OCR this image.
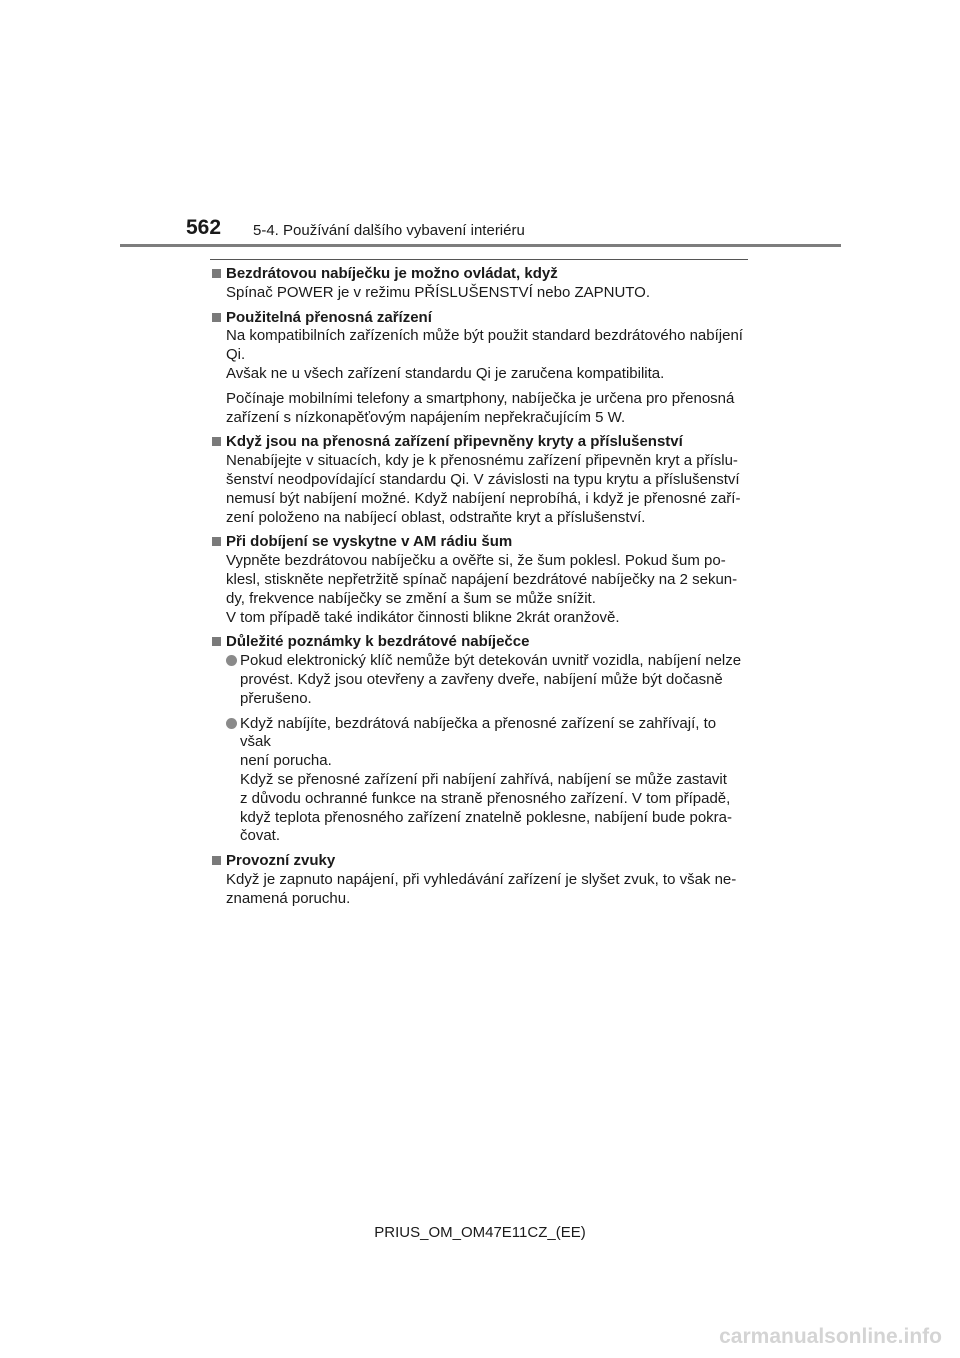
562 5-4. Používání dalšího vybavení interiéru
Bezdrátovou nabíječku je možno ovládat, když
Spínač POWER je v režimu PŘÍSLUŠENSTVÍ nebo ZAPNUTO.
Použitelná přenosná zařízení
Na kompatibilních zařízeních může být použit standard bezdrátového nabíjení
Qi.
Avšak ne u všech zařízení standardu Qi je zaručena kompatibilita.
Počínaje mobilními telefony a smartphony, nabíječka je určena pro přenosná
zařízení s nízkonapěťovým napájením nepřekračujícím 5 W.
Když jsou na přenosná zařízení připevněny kryty a příslušenství
Nenabíjejte v situacích, kdy je k přenosnému zařízení připevněn kryt a příslu-
šenství neodpovídající standardu Qi. V závislosti na typu krytu a příslušenství
nemusí být nabíjení možné. Když nabíjení neprobíhá, i když je přenosné zaří-
zení položeno na nabíjecí oblast, odstraňte kryt a příslušenství.
Při dobíjení se vyskytne v AM rádiu šum
Vypněte bezdrátovou nabíječku a ověřte si, že šum poklesl. Pokud šum po-
klesl, stiskněte nepřetržitě spínač napájení bezdrátové nabíječky na 2 sekun-
dy, frekvence nabíječky se změní a šum se může snížit.
V tom případě také indikátor činnosti blikne 2krát oranžově.
Důležité poznámky k bezdrátové nabíječce
Pokud elektronický klíč nemůže být detekován uvnitř vozidla, nabíjení nelze
provést. Když jsou otevřeny a zavřeny dveře, nabíjení může být dočasně
přerušeno.
Když nabíjíte, bezdrátová nabíječka a přenosné zařízení se zahřívají, to však
není porucha.
Když se přenosné zařízení při nabíjení zahřívá, nabíjení se může zastavit
z důvodu ochranné funkce na straně přenosného zařízení. V tom případě,
když teplota přenosného zařízení znatelně poklesne, nabíjení bude pokra-
čovat.
Provozní zvuky
Když je zapnuto napájení, při vyhledávání zařízení je slyšet zvuk, to však ne-
znamená poruchu.
PRIUS_OM_OM47E11CZ_(EE)
carmanualsonline.info
